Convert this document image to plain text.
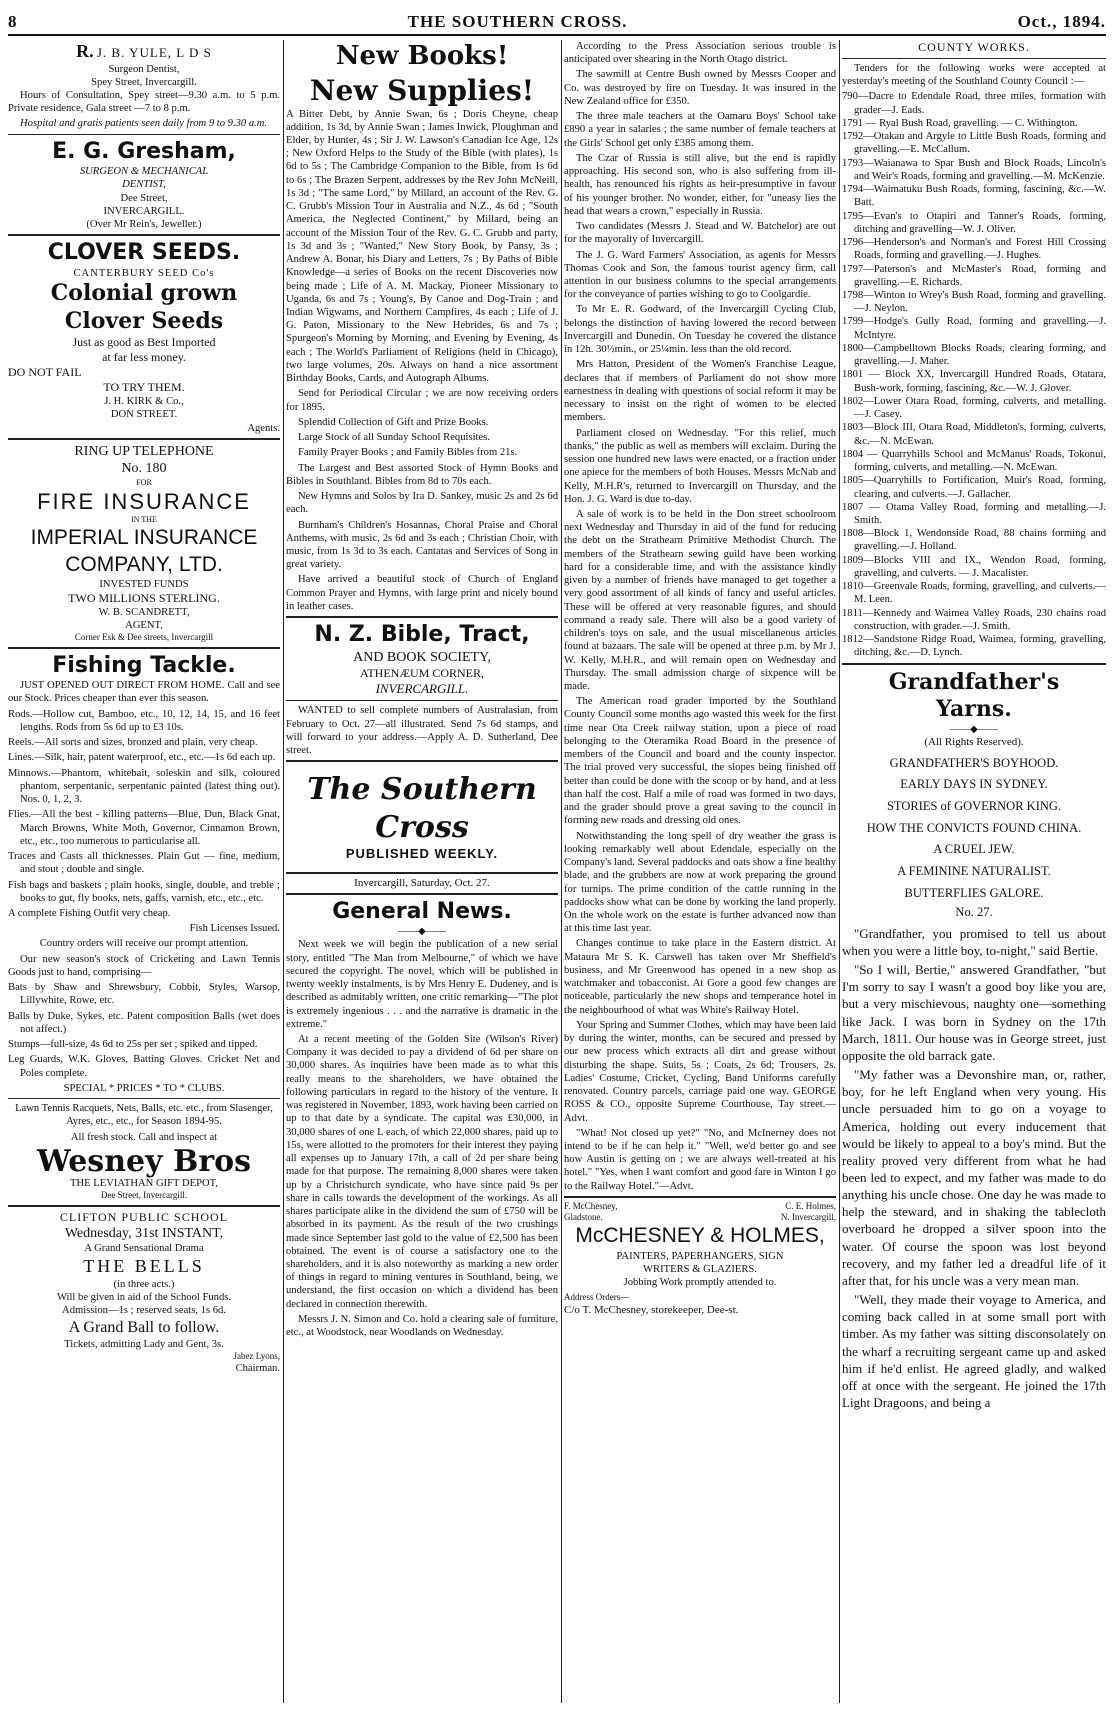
8	THE SOUTHERN CROSS.	Oct., 1894.
R. J. B. YULE, L D S
Surgeon Dentist,
Spey Street, Invercargill.

Hours of Consultation, Spey street—9.30 a.m. to 5 p.m. Private residence, Gala street —7 to 8 p.m.

Hospital and gratis patients seen daily from 9 to 9.30 a.m.

E. G. Gresham,
SURGEON & MECHANICAL
DENTIST,
Dee Street,
INVERCARGILL.
(Over Mr Rein's, Jeweller.)
CLOVER SEEDS.
CANTERBURY SEED Co's
Colonial grown
Clover Seeds
Just as good as Best Imported
at far less money.
DO NOT FAIL
TO TRY THEM.
J. H. KIRK & Co.,
DON STREET.
Agents.
RING UP TELEPHONE
No. 180
FOR
FIRE INSURANCE
IN THE
IMPERIAL INSURANCE
COMPANY, LTD.
INVESTED FUNDS
TWO MILLIONS STERLING.
W. B. SCANDRETT,
AGENT,
Corner Esk & Dee streets, Invercargill
Fishing Tackle.

JUST OPENED OUT DIRECT FROM HOME. Call and see our Stock. Prices cheaper than ever this season.

Rods.—Hollow cut, Bamboo, etc., 10, 12, 14, 15, and 16 feet lengths. Rods from 5s 6d up to £3 10s.

Reels.—All sorts and sizes, bronzed and plain, very cheap.

Lines.—Silk, hair, patent waterproof, etc., etc.—1s 6d each up.

Minnows.—Phantom, whitebait, soleskin and silk, coloured phantom, serpentanic, serpentanic painted (latest thing out). Nos. 0, 1, 2, 3.

Flies.—All the best - killing patterns—Blue, Dun, Black Gnat, March Browns, White Moth, Governor, Cinnamon Brown, etc., etc., too numerous to particularise all.

Traces and Casts all thicknesses. Plain Gut — fine, medium, and stout ; double and single.

Fish bags and baskets ; plain hooks, single, double, and treble ; books to gut, fly books, nets, gaffs, varnish, etc., etc., etc.

A complete Fishing Outfit very cheap.

Fish Licenses Issued.

Country orders will receive our prompt attention.

Our new season's stock of Cricketing and Lawn Tennis Goods just to hand, comprising—

Bats by Shaw and Shrewsbury, Cobbit, Styles, Warsop, Lillywhite, Rowe, etc.

Balls by Duke, Sykes, etc. Patent composition Balls (wet does not affect.)

Stumps—full-size, 4s 6d to 25s per set ; spiked and tipped.

Leg Guards, W.K. Gloves, Batting Gloves. Cricket Net and Poles complete.

SPECIAL * PRICES * TO * CLUBS.

Lawn Tennis Racquets, Nets, Balls, etc. etc., from Slasenger, Ayres, etc., etc., for Season 1894-95.

All fresh stock. Call and inspect at

Wesney Bros
THE LEVIATHAN GIFT DEPOT,
Dee Street, Invercargill.
CLIFTON PUBLIC SCHOOL
Wednesday, 31st INSTANT,
A Grand Sensational Drama
THE BELLS
(in three acts.)
Will be given in aid of the School Funds.
Admission—1s ; reserved seats, 1s 6d.
A Grand Ball to follow.
Tickets, admitting Lady and Gent, 3s.
Jabez Lyons,
Chairman.
New Books!
New Supplies!

A Bitter Debt, by Annie Swan, 6s ; Doris Cheyne, cheap addition, 1s 3d, by Annie Swan ; James Inwick, Ploughman and Elder, by Hunter, 4s ; Sir J. W. Lawson's Canadian Ice Age, 12s ; New Oxford Helps to the Study of the Bible (with plates), 1s 6d to 5s ; The Cambridge Companion to the Bible, from 1s 6d to 6s ; The Brazen Serpent, addresses by the Rev John McNeill, 1s 3d ; "The same Lord," by Millard, an account of the Rev. G. C. Grubb's Mission Tour in Australia and N.Z., 4s 6d ; "South America, the Neglected Continent," by Millard, being an account of the Mission Tour of the Rev. G. C. Grubb and party, 1s 3d and 3s ; "Wanted," New Story Book, by Pansy, 3s ; Andrew A. Bonar, his Diary and Letters, 7s ; By Paths of Bible Knowledge—a series of Books on the recent Discoveries now being made ; Life of A. M. Mackay, Pioneer Missionary to Uganda, 6s and 7s ; Young's, By Canoe and Dog-Train ; and Indian Wigwams, and Northern Campfires, 4s each ; Life of J. G. Paton, Missionary to the New Hebrides, 6s and 7s ; Spurgeon's Morning by Morning, and Evening by Evening, 4s each ; The World's Parliament of Religions (held in Chicago), two large volumes, 20s. Always on hand a nice assortment Birthday Books, Cards, and Autograph Albums.

Send for Periodical Circular ; we are now receiving orders for 1895.

Splendid Collection of Gift and Prize Books.

Large Stock of all Sunday School Requisites.

Family Prayer Books ; and Family Bibles from 21s.

The Largest and Best assorted Stock of Hymn Books and Bibles in Southland. Bibles from 8d to 70s each.

New Hymns and Solos by Ira D. Sankey, music 2s and 2s 6d each.

Burnham's Children's Hosannas, Choral Praise and Choral Anthems, with music, 2s 6d and 3s each ; Christian Choir, with music, from 1s 3d to 3s each. Cantatas and Services of Song in great variety.

Have arrived a beautiful stock of Church of England Common Prayer and Hymns, with large print and nicely bound in leather cases.

N. Z. Bible, Tract,
AND BOOK SOCIETY,
ATHENÆUM CORNER,
INVERCARGILL.

WANTED to sell complete numbers of Australasian, from February to Oct. 27—all illustrated. Send 7s 6d stamps, and will forward to your address.—Apply A. D. Sutherland, Dee street.

The Southern Cross
PUBLISHED WEEKLY.
Invercargill, Saturday, Oct. 27.
General News.
——◆——

Next week we will begin the publication of a new serial story, entitled "The Man from Melbourne," of which we have secured the copyright. The novel, which will be published in twenty weekly instalments, is by Mrs Henry E. Dudeney, and is described as admitably written, one critic remarking—"The plot is extremely ingenious . . . and the narrative is dramatic in the extreme."

At a recent meeting of the Golden Site (Wilson's River) Company it was decided to pay a dividend of 6d per share on 30,000 shares. As inquiries have been made as to what this really means to the shareholders, we have obtained the following particulars in regard to the history of the venture. It was registered in November, 1893, work having been carried on up to that date by a syndicate. The capital was £30,000, in 30,000 shares of one L each, of which 22,000 shares, paid up to 15s, were allotted to the promoters for their interest they paying all expenses up to January 17th, a call of 2d per share being made for that purpose. The remaining 8,000 shares were taken up by a Christchurch syndicate, who have since paid 9s per share in calls towards the development of the workings. As all shares participate alike in the dividend the sum of £750 will be absorbed in its payment. As the result of the two crushings made since September last gold to the value of £2,500 has been obtained. The event is of course a satisfactory one to the shareholders, and it is also noteworthy as marking a new order of things in regard to mining ventures in Southland, being, we understand, the first occasion on which a dividend has been declared in connection therewith.

Messrs J. N. Simon and Co. hold a clearing sale of furniture, etc., at Woodstock, near Woodlands on Wednesday.

According to the Press Association serious trouble is anticipated over shearing in the North Otago district.

The sawmill at Centre Bush owned by Messrs Cooper and Co. was destroyed by fire on Tuesday. It was insured in the New Zealand office for £350.

The three male teachers at the Oamaru Boys' School take £890 a year in salaries ; the same number of female teachers at the Girls' School get only £385 among them.

The Czar of Russia is still alive, but the end is rapidly approaching. His second son, who is also suffering from ill-health, has renounced his rights as heir-presumptive in favour of his younger brother. No wonder, either, for "uneasy lies the head that wears a crown," especially in Russia.

Two candidates (Messrs J. Stead and W. Batchelor) are out for the mayoralty of Invercargill.

The J. G. Ward Farmers' Association, as agents for Messrs Thomas Cook and Son, the famous tourist agency firm, call attention in our business columns to the special arrangements for the conveyance of parties wishing to go to Coolgardie.

To Mr E. R. Godward, of the Invercargill Cycling Club, belongs the distinction of having lowered the record between Invercargill and Dunedin. On Tuesday he covered the distance in 12h. 30½min., or 25¼min. less than the old record.

Mrs Hatton, President of the Women's Franchise League, declares that if members of Parliament do not show more earnestness in dealing with questions of social reform it may be necessary to insist on the right of women to be elected members.

Parliament closed on Wednesday. "For this relief, much thanks," the public as well as members will exclaim. During the session one hundred new laws were enacted, or a fraction under one apiece for the members of both Houses. Messrs McNab and Kelly, M.H.R's, returned to Invercargill on Thursday, and the Hon. J. G. Ward is due to-day.

A sale of work is to be held in the Don street schoolroom next Wednesday and Thursday in aid of the fund for reducing the debt on the Strathearn Primitive Methodist Church. The members of the Strathearn sewing guild have been working hard for a considerable time, and with the assistance kindly given by a number of friends have managed to get together a very good assortment of all kinds of fancy and useful articles. These will be offered at very reasonable figures, and should command a ready sale. There will also be a good variety of children's toys on sale, and the usual miscellaneous articles found at bazaars. The sale will be opened at three p.m. by Mr J. W. Kelly, M.H.R., and will remain open on Wednesday and Thursday. The small admission charge of sixpence will be made.

The American road grader imported by the Southland County Council some months ago wasted this week for the first time near Ota Creek railway station, upon a piece of road belonging to the Oteramika Road Board in the presence of members of the Council and board and the county inspector. The trial proved very successful, the slopes being finished off better than could be done with the scoop or by hand, and at less than half the cost. Half a mile of road was formed in two days, and the grader should prove a great saving to the council in forming new roads and dressing old ones.

Notwithstanding the long spell of dry weather the grass is looking remarkably well about Edendale, especially on the Company's land. Several paddocks and oats show a fine healthy blade, and the grubbers are now at work preparing the ground for turnips. The prime condition of the cattle running in the paddocks show what can be done by working the land properly. On the whole work on the estate is further advanced now than at this time last year.

Changes continue to take place in the Eastern district. At Mataura Mr S. K. Carswell has taken over Mr Sheffield's business, and Mr Greenwood has opened in a new shop as watchmaker and tobacconist. At Gore a good few changes are noticeable, particularly the new shops and temperance hotel in the neighbourhood of what was White's Railway Hotel.

Your Spring and Summer Clothes, which may have been laid by during the winter, months, can be secured and pressed by our new process which extracts all dirt and grease without disturbing the shape. Suits, 5s ; Coats, 2s 6d; Trousers, 2s. Ladies' Costume, Cricket, Cycling, Band Uniforms carefully renovated. Country parcels, carriage paid one way. GEORGE ROSS & CO., opposite Supreme Courthouse, Tay street.—Advt.

"What! Not closed up yet?" "No, and McInerney does not intend to be if he can help it." "Well, we'd better go and see how Austin is getting on ; we are always well-treated at his hotel." "Yes, when I want comfort and good fare in Winton I go to the Railway Hotel."—Advt.

F. McChesney,
Gladstone.
C. E. Holmes,
N. Invercargill,
McCHESNEY & HOLMES,
PAINTERS, PAPERHANGERS, SIGN
WRITERS & GLAZIERS.
Jobbing Work promptly attended to.
Address Orders—
C/o T. McChesney, storekeeper, Dee-st.
COUNTY WORKS.

Tenders for the following works were accepted at yesterday's meeting of the Southland County Council :—

790—Dacre to Edendale Road, three miles, formation with grader—J. Eads.

1791 — Ryal Bush Road, gravelling. — C. Withington.

1792—Otakau and Argyle to Little Bush Roads, forming and gravelling.—E. McCallum.

1793—Waianawa to Spar Bush and Block Roads, Lincoln's and Weir's Roads, forming and gravelling.—M. McKenzie.

1794—Waimatuku Bush Roads, forming, fascining, &c.—W. Batt.

1795—Evan's to Otapiri and Tanner's Roads, forming, ditching and gravelling—W. J. Oliver.

1796—Henderson's and Norman's and Forest Hill Crossing Roads, forming and gravelling.—J. Hughes.

1797—Paterson's and McMaster's Road, forming and gravelling.—E. Richards.

1798—Winton to Wrey's Bush Road, forming and gravelling.—J. Neylon.

1799—Hodge's Gully Road, forming and gravelling.—J. McIntyre.

1800—Campbelltown Blocks Roads, clearing forming, and gravelling.—J. Maher.

1801 — Block XX, Invercargill Hundred Roads, Otatara, Bush-work, forming, fascining, &c.—W. J. Glover.

1802—Lower Otara Road, forming, culverts, and metalling.—J. Casey.

1803—Block III, Otara Road, Middleton's, forming, culverts, &c.—N. McEwan.

1804 — Quarryhills School and McManus' Roads, Tokonui, forming, culverts, and metalling.—N. McEwan.

1805—Quarryhills to Fortification, Muir's Road, forming, clearing, and culverts.—J. Gallacher.

1807 — Otama Valley Road, forming and metalling.—J. Smith.

1808—Block 1, Wendonside Road, 88 chains forming and gravelling.—J. Holland.

1809—Blocks VIII and IX., Wendon Road, forming, gravelling, and culverts. — J. Macalister.

1810—Greenvale Roads, forming, gravelling, and culverts.—M. Leen.

1811—Kennedy and Waimea Valley Roads, 230 chains road construction, with grader.—J. Smith.

1812—Sandstone Ridge Road, Waimea, forming, gravelling, ditching, &c.—D. Lynch.

Grandfather's
Yarns.
——◆——
(All Rights Reserved).
GRANDFATHER'S BOYHOOD.
EARLY DAYS IN SYDNEY.
STORIES of GOVERNOR KING.
HOW THE CONVICTS FOUND CHINA.
A CRUEL JEW.
A FEMININE NATURALIST.
BUTTERFLIES GALORE.
No. 27.

"Grandfather, you promised to tell us about when you were a little boy, to-night," said Bertie.

"So I will, Bertie," answered Grandfather, "but I'm sorry to say I wasn't a good boy like you are, but a very mischievous, naughty one—something like Jack. I was born in Sydney on the 17th March, 1811. Our house was in George street, just opposite the old barrack gate.

"My father was a Devonshire man, or, rather, boy, for he left England when very young. His uncle persuaded him to go on a voyage to America, holding out every inducement that would be likely to appeal to a boy's mind. But the reality proved very different from what he had been led to expect, and my father was made to do anything his uncle chose. One day he was made to help the steward, and in shaking the tablecloth overboard he dropped a silver spoon into the water. Of course the spoon was lost beyond recovery, and my father led a dreadful life of it after that, for his uncle was a very mean man.

"Well, they made their voyage to America, and coming back called in at some small port with timber. As my father was sitting disconsolately on the wharf a recruiting sergeant came up and asked him if he'd enlist. He agreed gladly, and walked off at once with the sergeant. He joined the 17th Light Dragoons, and being a
